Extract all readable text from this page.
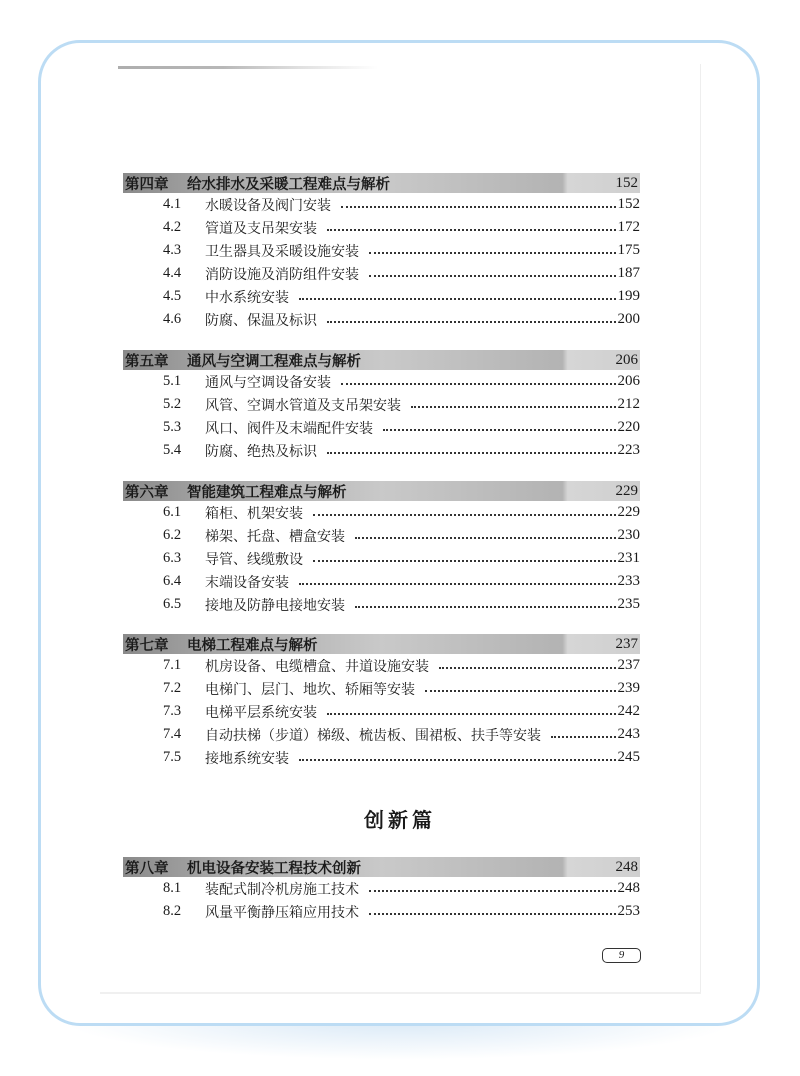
第四章	给水排水及采暖工程难点与解析	152
4.1	水暖设备及阀门安装	152
4.2	管道及支吊架安装	172
4.3	卫生器具及采暖设施安装	175
4.4	消防设施及消防组件安装	187
4.5	中水系统安装	199
4.6	防腐、保温及标识	200
第五章	通风与空调工程难点与解析	206
5.1	通风与空调设备安装	206
5.2	风管、空调水管道及支吊架安装	212
5.3	风口、阀件及末端配件安装	220
5.4	防腐、绝热及标识	223
第六章	智能建筑工程难点与解析	229
6.1	箱柜、机架安装	229
6.2	梯架、托盘、槽盒安装	230
6.3	导管、线缆敷设	231
6.4	末端设备安装	233
6.5	接地及防静电接地安装	235
第七章	电梯工程难点与解析	237
7.1	机房设备、电缆槽盒、井道设施安装	237
7.2	电梯门、层门、地坎、轿厢等安装	239
7.3	电梯平层系统安装	242
7.4	自动扶梯（步道）梯级、梳齿板、围裙板、扶手等安装	243
7.5	接地系统安装	245
第八章	机电设备安装工程技术创新	248
8.1	装配式制冷机房施工技术	248
8.2	风量平衡静压箱应用技术	253
创新篇
9
